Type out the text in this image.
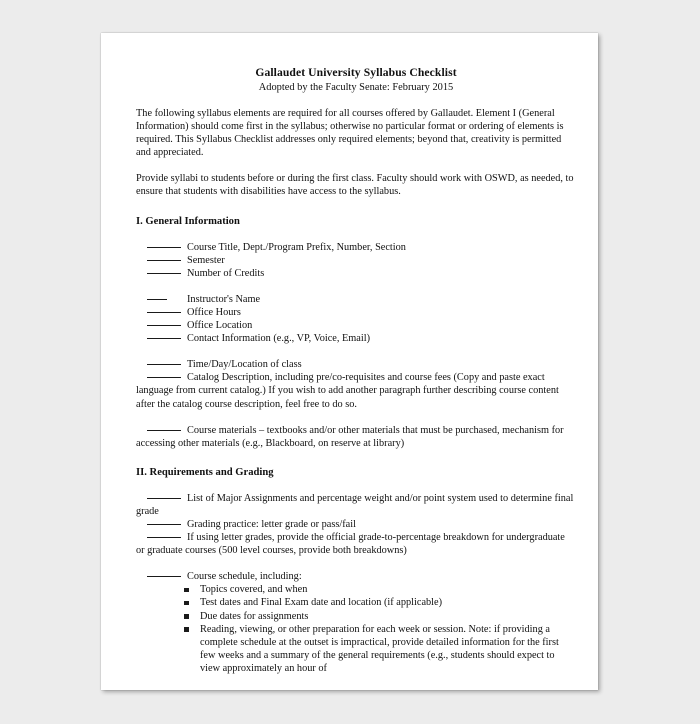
Gallaudet University Syllabus Checklist
Adopted by the Faculty Senate: February 2015

The following syllabus elements are required for all courses offered by Gallaudet. Element I (General Information) should come first in the syllabus; otherwise no particular format or ordering of elements is required. This Syllabus Checklist addresses only required elements; beyond that, creativity is permitted and appreciated.

Provide syllabi to students before or during the first class. Faculty should work with OSWD, as needed, to ensure that students with disabilities have access to the syllabus.

I. General Information
Course Title, Dept./Program Prefix, Number, Section
Semester
Number of Credits
Instructor's Name
Office Hours
Office Location
Contact Information (e.g., VP, Voice, Email)
Time/Day/Location of class
Catalog Description, including pre/co-requisites and course fees (Copy and paste exact language from current catalog.) If you wish to add another paragraph further describing course content after the catalog course description, feel free to do so.
Course materials – textbooks and/or other materials that must be purchased, mechanism for accessing other materials (e.g., Blackboard, on reserve at library)
II. Requirements and Grading
List of Major Assignments and percentage weight and/or point system used to determine final grade
Grading practice: letter grade or pass/fail
If using letter grades, provide the official grade-to-percentage breakdown for undergraduate or graduate courses (500 level courses, provide both breakdowns)
Course schedule, including:
Topics covered, and when
Test dates and Final Exam date and location (if applicable)
Due dates for assignments
Reading, viewing, or other preparation for each week or session. Note: if providing a complete schedule at the outset is impractical, provide detailed information for the first few weeks and a summary of the general requirements (e.g., students should expect to view approximately an hour of
